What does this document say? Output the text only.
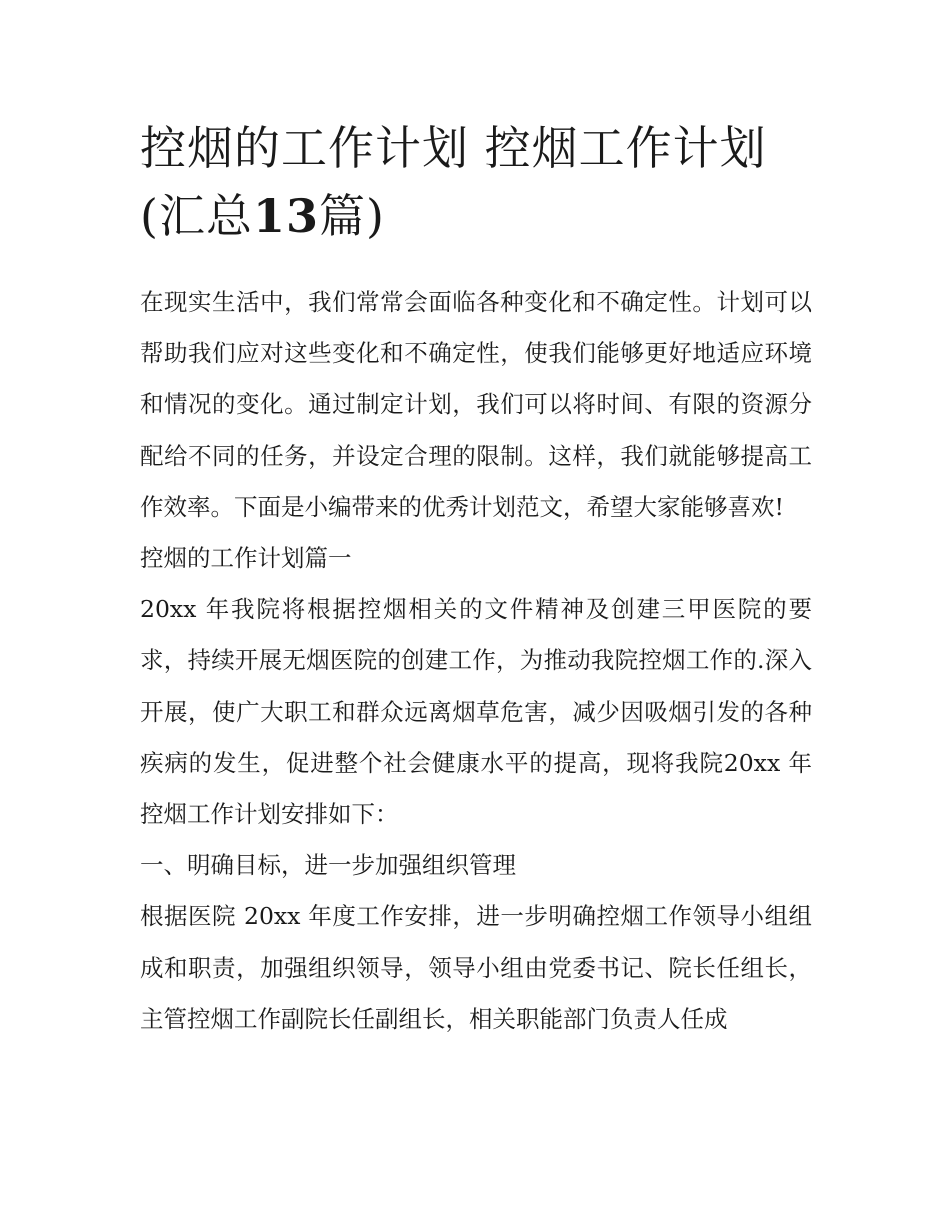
控烟的工作计划 控烟工作计划(汇总13篇)

在现实生活中，我们常常会面临各种变化和不确定性。计划可以帮助我们应对这些变化和不确定性，使我们能够更好地适应环境和情况的变化。通过制定计划，我们可以将时间、有限的资源分配给不同的任务，并设定合理的限制。这样，我们就能够提高工作效率。下面是小编带来的优秀计划范文，希望大家能够喜欢!

控烟的工作计划篇一

20xx 年我院将根据控烟相关的文件精神及创建三甲医院的要求，持续开展无烟医院的创建工作，为推动我院控烟工作的.深入开展，使广大职工和群众远离烟草危害，减少因吸烟引发的各种疾病的发生，促进整个社会健康水平的提高，现将我院20xx 年控烟工作计划安排如下：

一、明确目标，进一步加强组织管理

根据医院 20xx 年度工作安排，进一步明确控烟工作领导小组组成和职责，加强组织领导，领导小组由党委书记、院长任组长，主管控烟工作副院长任副组长，相关职能部门负责人任成
